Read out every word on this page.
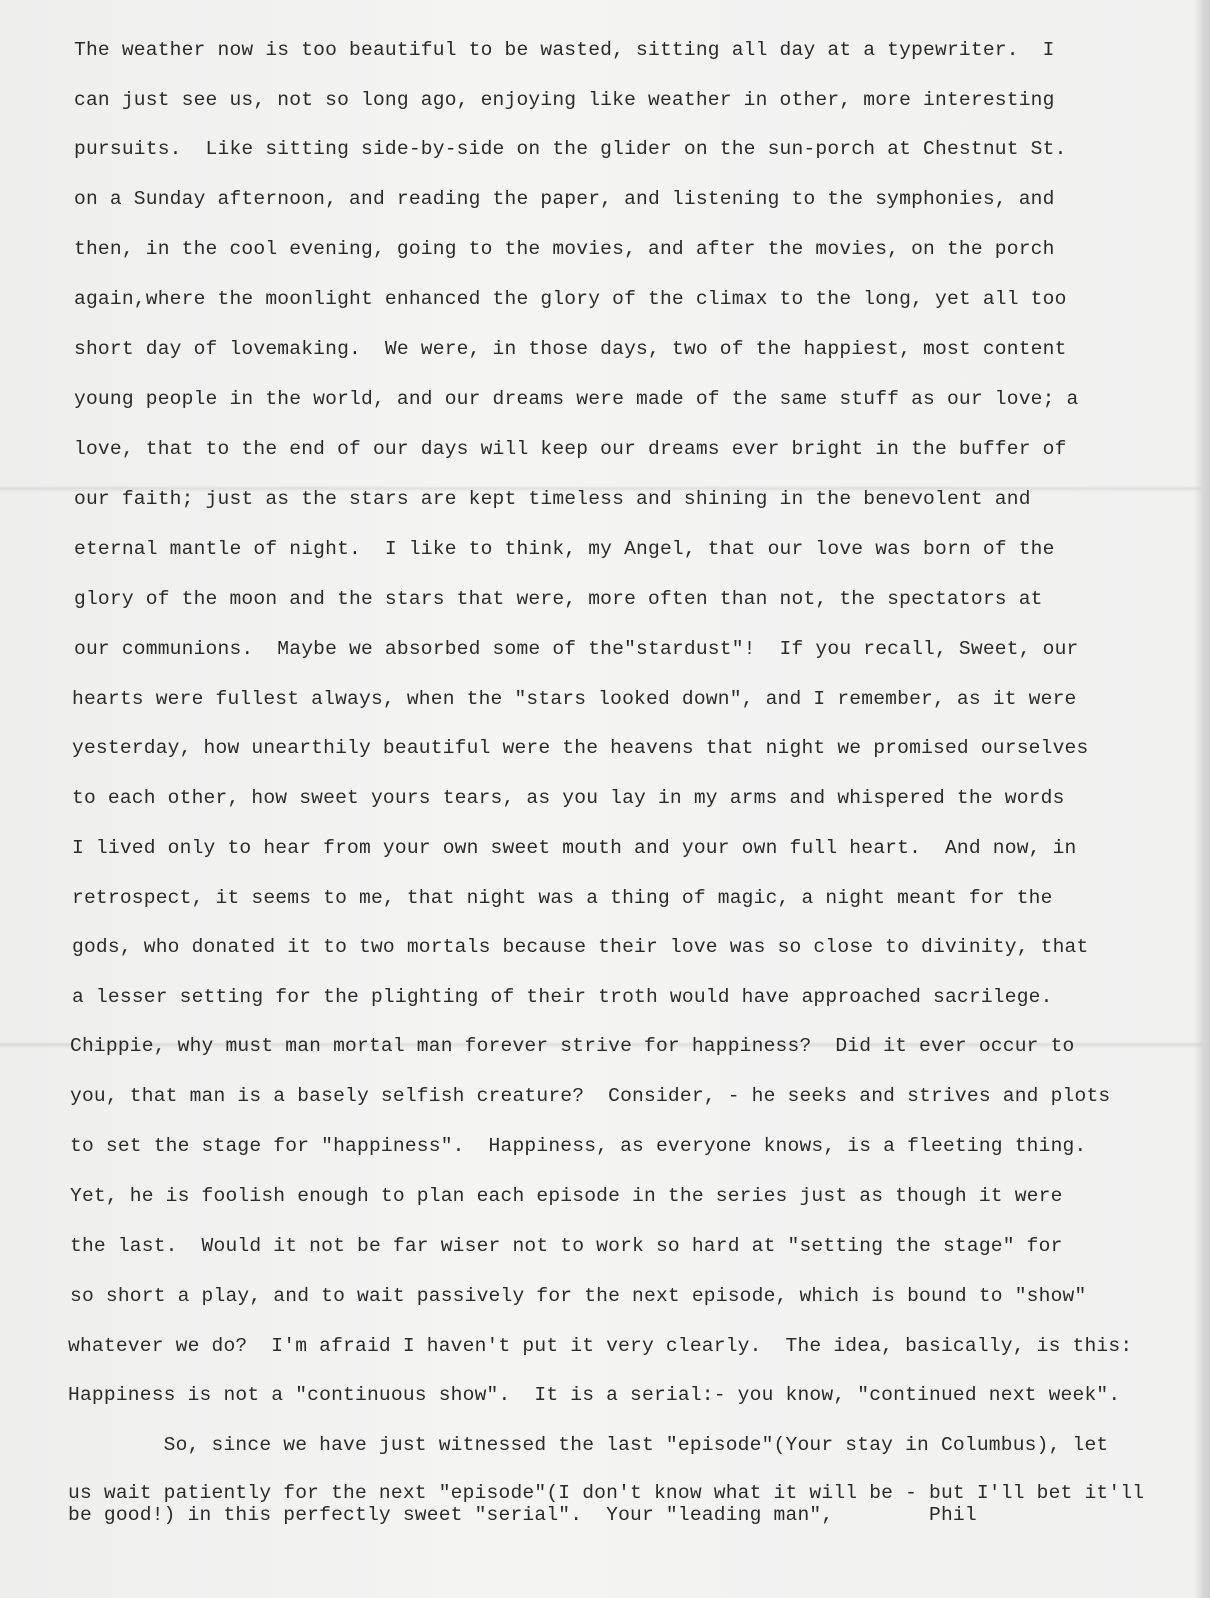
The weather now is too beautiful to be wasted, sitting all day at a typewriter.  I
can just see us, not so long ago, enjoying like weather in other, more interesting
pursuits.  Like sitting side-by-side on the glider on the sun-porch at Chestnut St.
on a Sunday afternoon, and reading the paper, and listening to the symphonies, and
then, in the cool evening, going to the movies, and after the movies, on the porch
again,where the moonlight enhanced the glory of the climax to the long, yet all too
short day of lovemaking.  We were, in those days, two of the happiest, most content
young people in the world, and our dreams were made of the same stuff as our love; a
love, that to the end of our days will keep our dreams ever bright in the buffer of
our faith; just as the stars are kept timeless and shining in the benevolent and
eternal mantle of night.  I like to think, my Angel, that our love was born of the
glory of the moon and the stars that were, more often than not, the spectators at
our communions.  Maybe we absorbed some of the"stardust"!  If you recall, Sweet, our
hearts were fullest always, when the "stars looked down", and I remember, as it were
yesterday, how unearthily beautiful were the heavens that night we promised ourselves
to each other, how sweet yours tears, as you lay in my arms and whispered the words
I lived only to hear from your own sweet mouth and your own full heart.  And now, in
retrospect, it seems to me, that night was a thing of magic, a night meant for the
gods, who donated it to two mortals because their love was so close to divinity, that
a lesser setting for the plighting of their troth would have approached sacrilege.
Chippie, why must man mortal man forever strive for happiness?  Did it ever occur to
you, that man is a basely selfish creature?  Consider, - he seeks and strives and plots
to set the stage for "happiness".  Happiness, as everyone knows, is a fleeting thing.
Yet, he is foolish enough to plan each episode in the series just as though it were
the last.  Would it not be far wiser not to work so hard at "setting the stage" for
so short a play, and to wait passively for the next episode, which is bound to "show"
whatever we do?  I'm afraid I haven't put it very clearly.  The idea, basically, is this:
Happiness is not a "continuous show".  It is a serial:- you know, "continued next week".
So, since we have just witnessed the last "episode"(Your stay in Columbus), let
us wait patiently for the next "episode"(I don't know what it will be - but I'll bet it'll
be good!) in this perfectly sweet "serial".  Your "leading man",        Phil
